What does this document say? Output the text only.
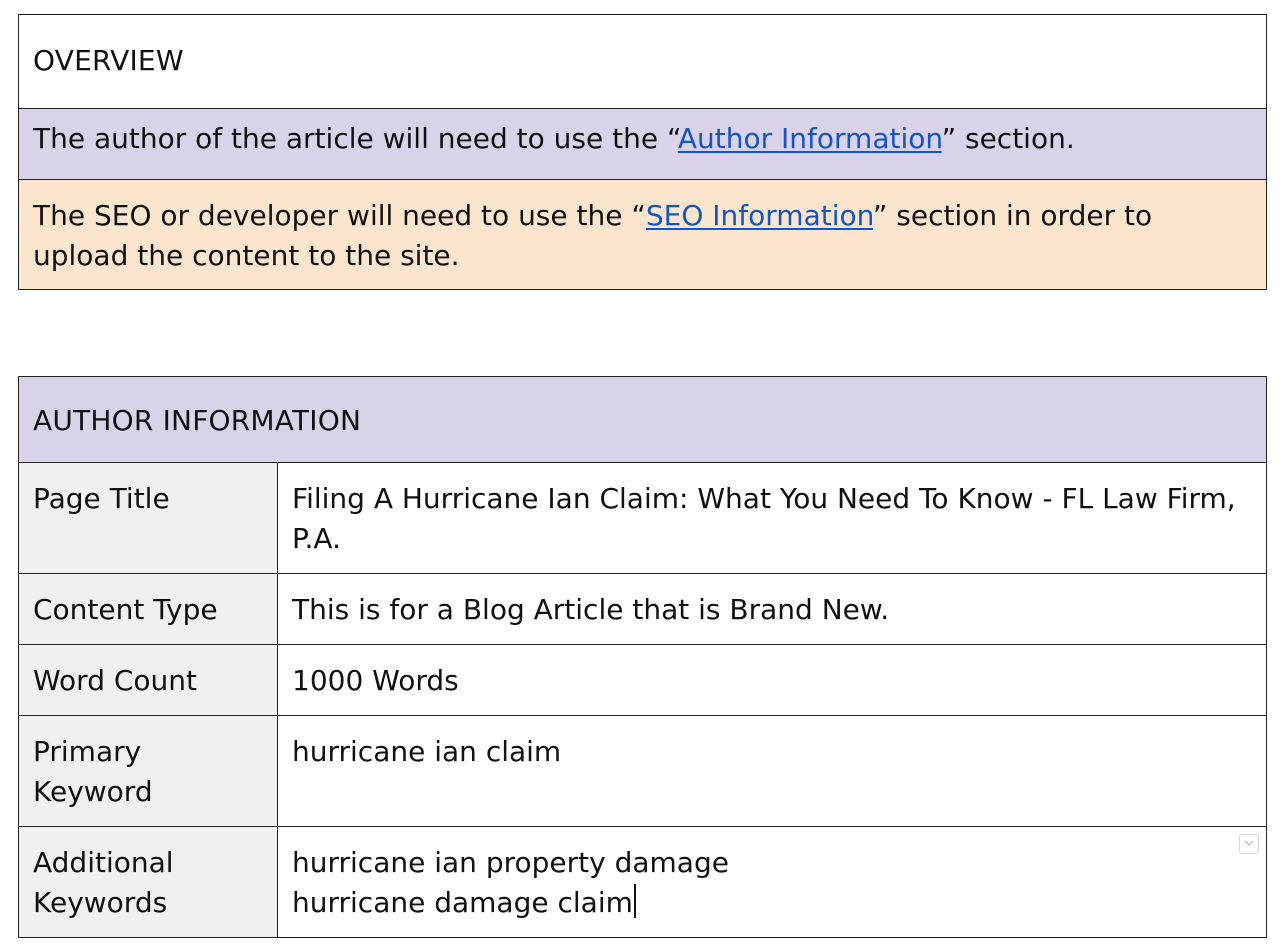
OVERVIEW
The author of the article will need to use the “Author Information” section.
The SEO or developer will need to use the “SEO Information” section in order to upload the content to the site.
AUTHOR INFORMATION	
Page Title	Filing A Hurricane Ian Claim: What You Need To Know - FL Law Firm, P.A.
Content Type	This is for a Blog Article that is Brand New.
Word Count	1000 Words
Primary Keyword	hurricane ian claim
Additional Keywords	hurricane ian property damage
hurricane damage claim
